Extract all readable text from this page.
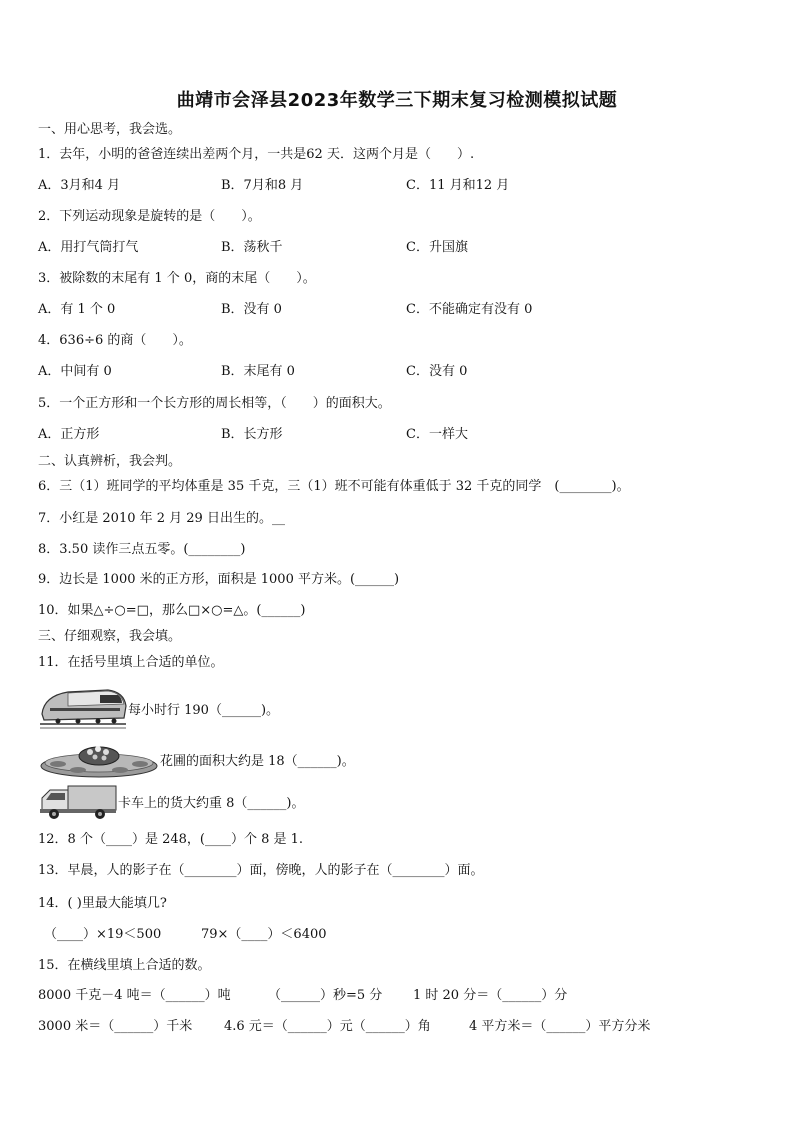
曲靖市会泽县2023年数学三下期末复习检测模拟试题
一、用心思考，我会选。
1．去年，小明的爸爸连续出差两个月，一共是62 天．这两个月是（　　）.
A．3月和4 月	B．7月和8 月	C．11 月和12 月
2．下列运动现象是旋转的是（　　）。
A．用打气筒打气	B．荡秋千	C．升国旗
3．被除数的末尾有 1 个 0，商的末尾（　　）。
A．有 1 个 0	B．没有 0	C．不能确定有没有 0
4．636÷6 的商（　　）。
A．中间有 0	B．末尾有 0	C．没有 0
5．一个正方形和一个长方形的周长相等，（　　）的面积大。
A．正方形	B．长方形	C．一样大
二、认真辨析，我会判。
6．三（1）班同学的平均体重是 35 千克，三（1）班不可能有体重低于 32 千克的同学　(________)。
7．小红是 2010 年 2 月 29 日出生的。__
8．3.50 读作三点五零。(________)
9．边长是 1000 米的正方形，面积是 1000 平方米。(______)
10．如果△÷○=□，那么□×○=△。(______)
三、仔细观察，我会填。
11．在括号里填上合适的单位。
每小时行 190（______)。
花圃的面积大约是 18（______)。
卡车上的货大约重 8（______)。
12．8 个（____）是 248，(____）个 8 是 1.
13．早晨，人的影子在（________）面，傍晚，人的影子在（________）面。
14．( )里最大能填几?
（____）×19＜500	79×（____）＜6400
15．在横线里填上合适的数。
8000 千克－4 吨＝（______）吨	（______）秒=5 分 1 时 20 分＝（______）分
3000 米＝（______）千米 4.6 元＝（______）元（______）角	4 平方米＝（______）平方分米
